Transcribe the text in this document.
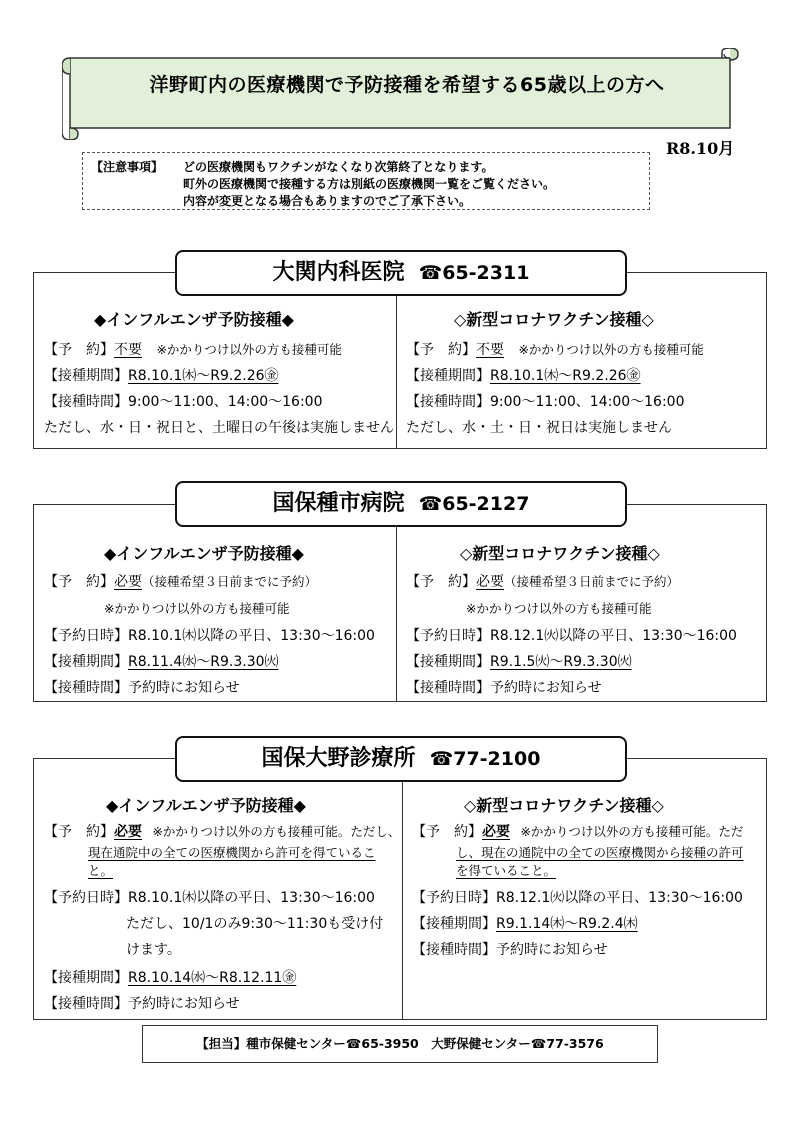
洋野町内の医療機関で予防接種を希望する65歳以上の方へ
R8.10月
【注意事項】 どの医療機関もワクチンがなくなり次第終了となります。
町外の医療機関で接種する方は別紙の医療機関一覧をご覧ください。
内容が変更となる場合もありますのでご了承下さい。
◆インフルエンザ予防接種◆
【予　約】不要 ※かかりつけ以外の方も接種可能
【接種期間】R8.10.1㈭～R9.2.26㊎
【接種時間】9:00～11:00、14:00～16:00
ただし、水・日・祝日と、土曜日の午後は実施しません
◇新型コロナワクチン接種◇
【予　約】不要 ※かかりつけ以外の方も接種可能
【接種期間】R8.10.1㈭～R9.2.26㊎
【接種時間】9:00～11:00、14:00～16:00
ただし、水・土・日・祝日は実施しません
大関内科医院 ☎65-2311
◆インフルエンザ予防接種◆
【予　約】必要（接種希望３日前までに予約）
※かかりつけ以外の方も接種可能
【予約日時】R8.10.1㈭以降の平日、13:30～16:00
【接種期間】R8.11.4㈬～R9.3.30㈫
【接種時間】予約時にお知らせ
◇新型コロナワクチン接種◇
【予　約】必要（接種希望３日前までに予約）
※かかりつけ以外の方も接種可能
【予約日時】R8.12.1㈫以降の平日、13:30～16:00
【接種期間】R9.1.5㈫～R9.3.30㈫
【接種時間】予約時にお知らせ
国保種市病院 ☎65-2127
◆インフルエンザ予防接種◆
【予　約】必要 ※かかりつけ以外の方も接種可能。ただし、
現在通院中の全ての医療機関から許可を得ているこ
と。
【予約日時】R8.10.1㈭以降の平日、13:30～16:00
ただし、10/1のみ9:30～11:30も受け付
けます。
【接種期間】R8.10.14㈬～R8.12.11㊎
【接種時間】予約時にお知らせ
◇新型コロナワクチン接種◇
【予　約】必要 ※かかりつけ以外の方も接種可能。ただ
し、現在の通院中の全ての医療機関から接種の許可
を得ていること。
【予約日時】R8.12.1㈫以降の平日、13:30～16:00
【接種期間】R9.1.14㈭～R9.2.4㈭
【接種時間】予約時にお知らせ
国保大野診療所 ☎77-2100
【担当】種市保健センター☎65-3950　大野保健センター☎77-3576
